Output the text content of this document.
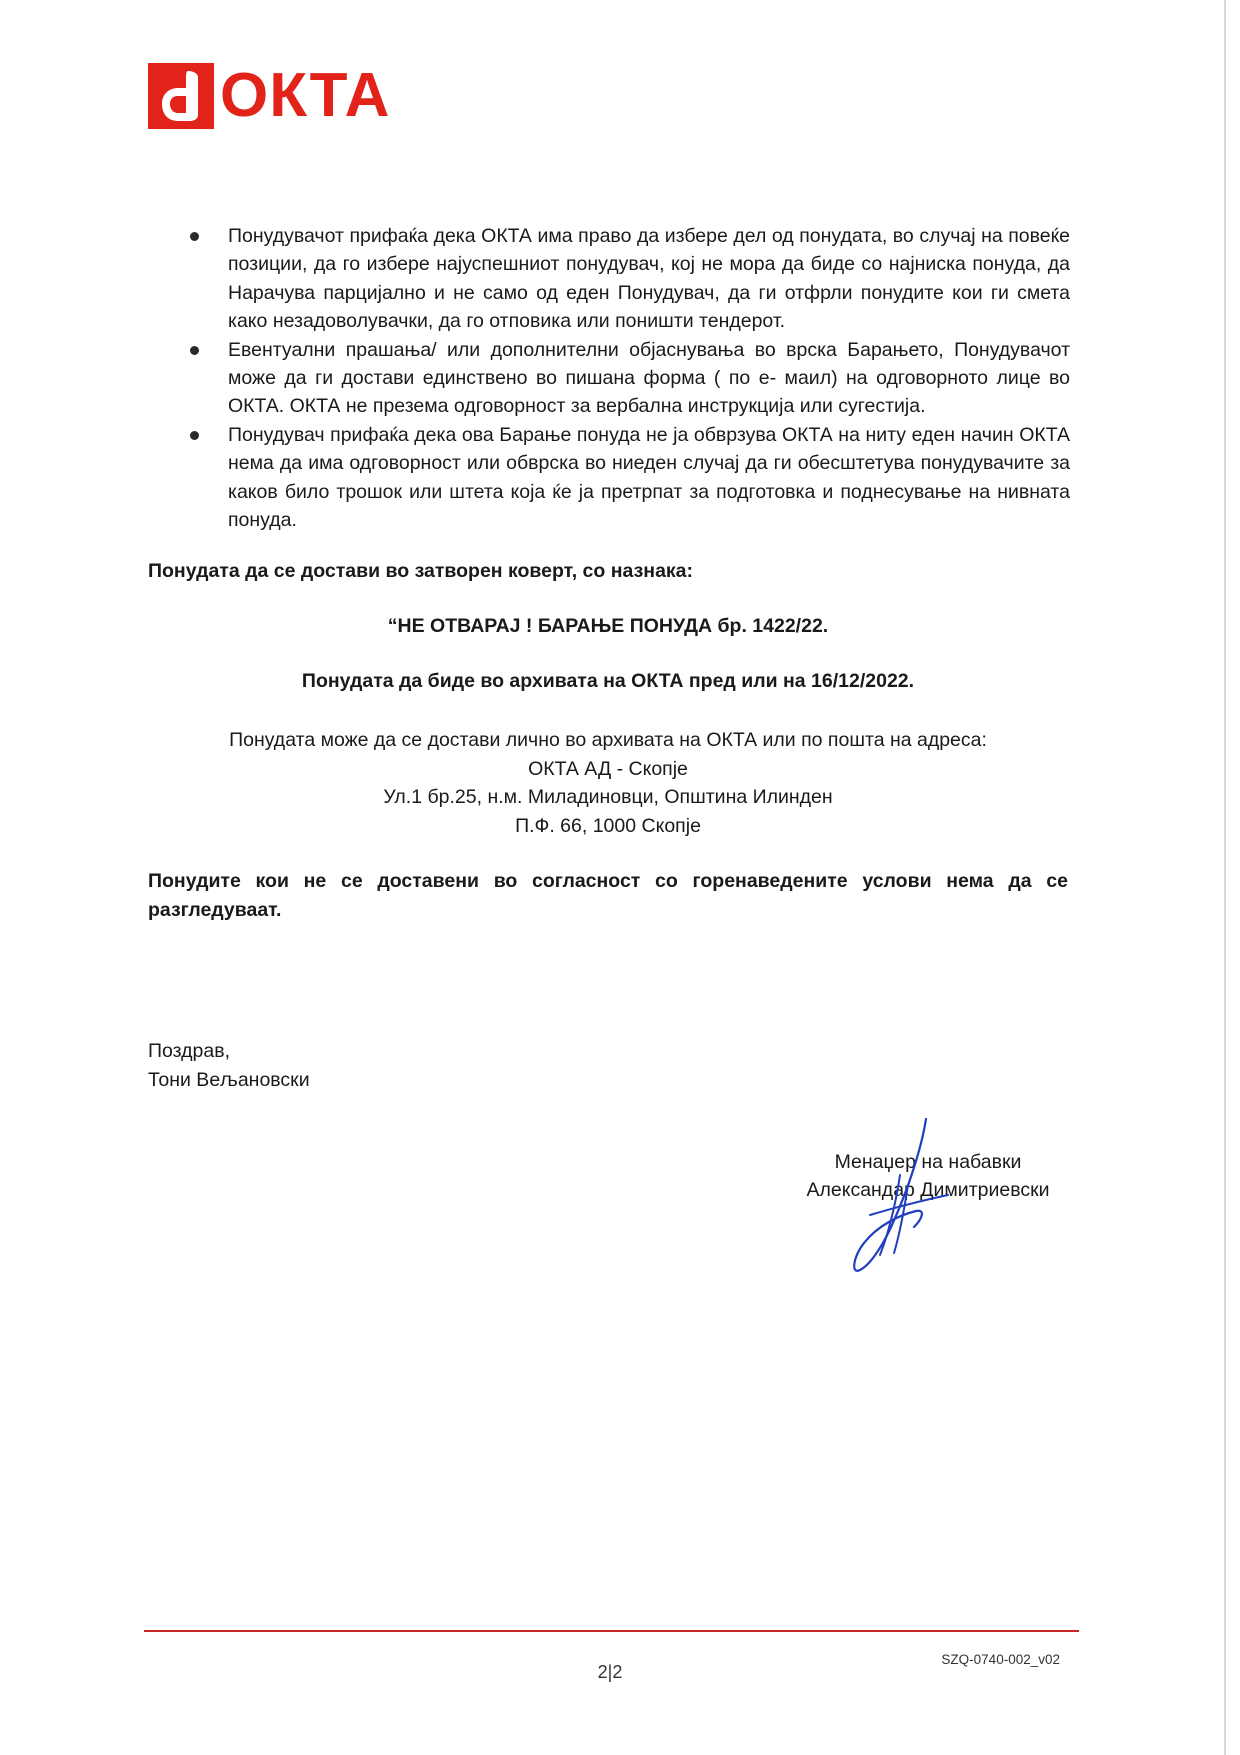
ОКТА
Понудувачот прифаќа дека ОКТА има право да избере дел од понудата, во случај на повеќе позиции, да го избере најуспешниот понудувач, кој не мора да биде со најниска понуда, да Нарачува парцијално и не само од еден Понудувач, да ги отфрли понудите кои ги смета како незадоволувачки, да го отповика или поништи тендерот.
Евентуални прашања/ или дополнителни објаснувања во врска Барањето, Понудувачот може да ги достави единствено во пишана форма ( по е- маил) на одговорното лице во ОКТА. ОКТА не презема одговорност за вербална инструкција или сугестија.
Понудувач прифаќа дека ова Барање понуда не ја обврзува ОКТА на ниту еден начин ОКТА нема да има одговорност или обврска во ниеден случај да ги обесштетува понудувачите за каков било трошок или штета која ќе ја претрпат за подготовка и поднесување на нивната понуда.
Понудата да се достави во затворен коверт, со назнака:
“НЕ ОТВАРАЈ ! БАРАЊЕ ПОНУДА бр. 1422/22.
Понудата да биде во архивата на ОКТА пред или на 16/12/2022.
Понудата може да се достави лично во архивата на ОКТА или по пошта на адреса:
ОКТА АД - Скопје
Ул.1 бр.25, н.м. Миладиновци, Општина Илинден
П.Ф. 66, 1000 Скопје
Понудите кои не се доставени во согласност со горенаведените услови нема да се разгледуваат.
Поздрав,
Тони Вељановски
Менаџер на набавки
Александар Димитриевски
SZQ-0740-002_v02
2|2
